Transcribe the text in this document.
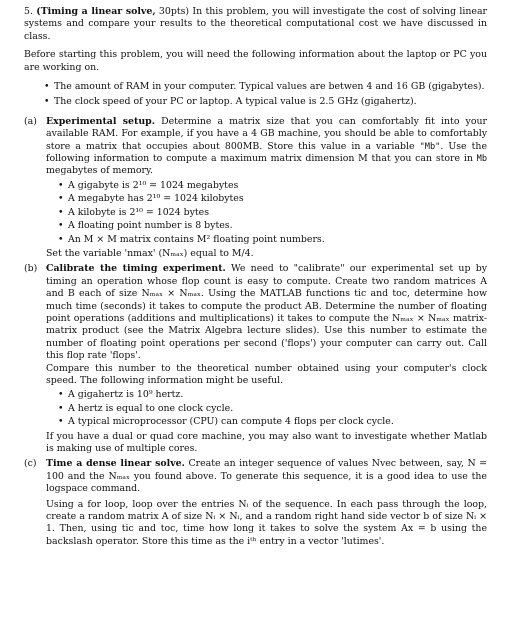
5. (Timing a linear solve, 30pts) In this problem, you will investigate the cost of solving linear systems and compare your results to the theoretical computational cost we have discussed in class.

Before starting this problem, you will need the following information about the laptop or PC you are working on.

• The amount of RAM in your computer. Typical values are betwen 4 and 16 GB (gigabytes).
• The clock speed of your PC or laptop. A typical value is 2.5 GHz (gigahertz).
(a) Experimental setup. Determine a matrix size that you can comfortably fit into your available RAM. For example, if you have a 4 GB machine, you should be able to comfortably store a matrix that occupies about 800MB. Store this value in a variable "Mb". Use the following information to compute a maximum matrix dimension M that you can store in Mb megabytes of memory.

• A gigabyte is 2¹⁰ = 1024 megabytes
• A megabyte has 2¹⁰ = 1024 kilobytes
• A kilobyte is 2¹⁰ = 1024 bytes
• A floating point number is 8 bytes.
• An M × M matrix contains M² floating point numbers.

Set the variable 'nmax' (Nₘₐₓ) equal to M/4.

(b) Calibrate the timing experiment. We need to "calibrate" our experimental set up by timing an operation whose flop count is easy to compute. Create two random matrices A and B each of size Nₘₐₓ × Nₘₐₓ. Using the MATLAB functions tic and toc, determine how much time (seconds) it takes to compute the product AB. Determine the number of floating point operations (additions and multiplications) it takes to compute the Nₘₐₓ × Nₘₐₓ matrix-matrix product (see the Matrix Algebra lecture slides). Use this number to estimate the number of floating point operations per second ('flops') your computer can carry out. Call this flop rate 'flops'.

Compare this number to the theoretical number obtained using your computer's clock speed. The following information might be useful.

• A gigahertz is 10⁹ hertz.
• A hertz is equal to one clock cycle.
• A typical microprocessor (CPU) can compute 4 flops per clock cycle.

If you have a dual or quad core machine, you may also want to investigate whether Matlab is making use of multiple cores.

(c)	Time a dense linear solve. Create an integer sequence of values Nvec between, say, N = 100 and the Nₘₐₓ you found above. To generate this sequence, it is a good idea to use the logspace command.

Using a for loop, loop over the entries Nᵢ of the sequence. In each pass through the loop, create a random matrix A of size Nᵢ × Nᵢ, and a random right hand side vector b of size Nᵢ × 1. Then, using tic and toc, time how long it takes to solve the system Ax = b using the backslash operator. Store this time as the iᵗʰ entry in a vector 'lutimes'.
